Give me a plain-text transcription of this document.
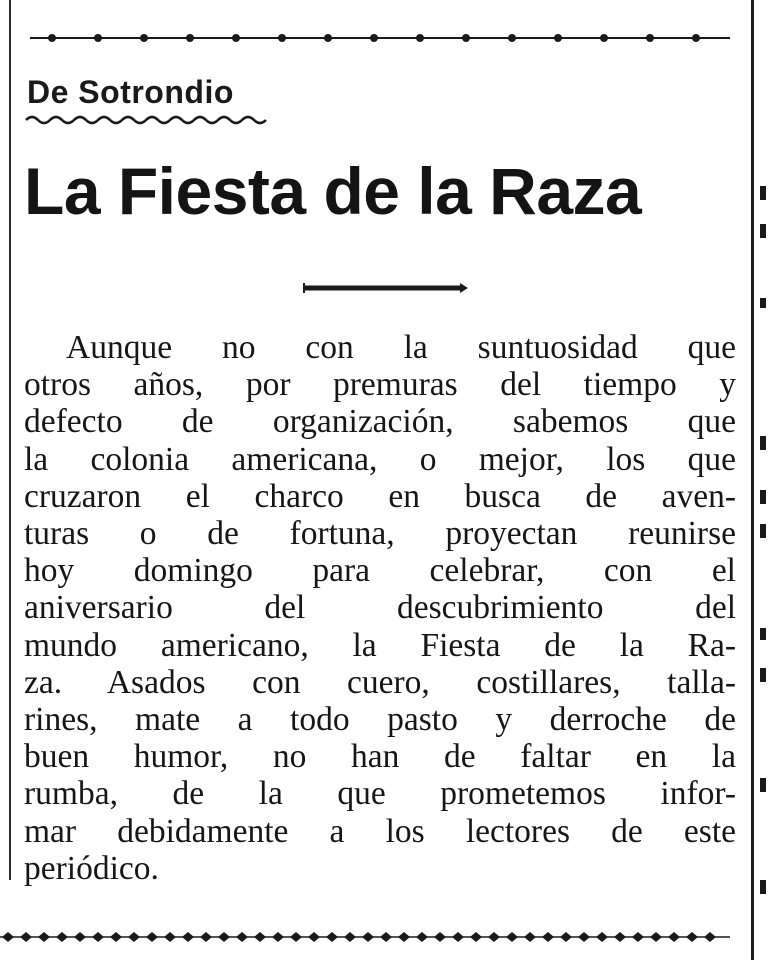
De Sotrondio
La Fiesta de la Raza
Aunque no con la suntuosidad que
otros años, por premuras del tiempo y
defecto de organización, sabemos que
la colonia americana, o mejor, los que
cruzaron el charco en busca de aven-
turas o de fortuna, proyectan reunirse
hoy domingo para celebrar, con el
aniversario del descubrimiento del
mundo americano, la Fiesta de la Ra-
za. Asados con cuero, costillares, talla-
rines, mate a todo pasto y derroche de
buen humor, no han de faltar en la
rumba, de la que prometemos infor-
mar debidamente a los lectores de este
periódico.
